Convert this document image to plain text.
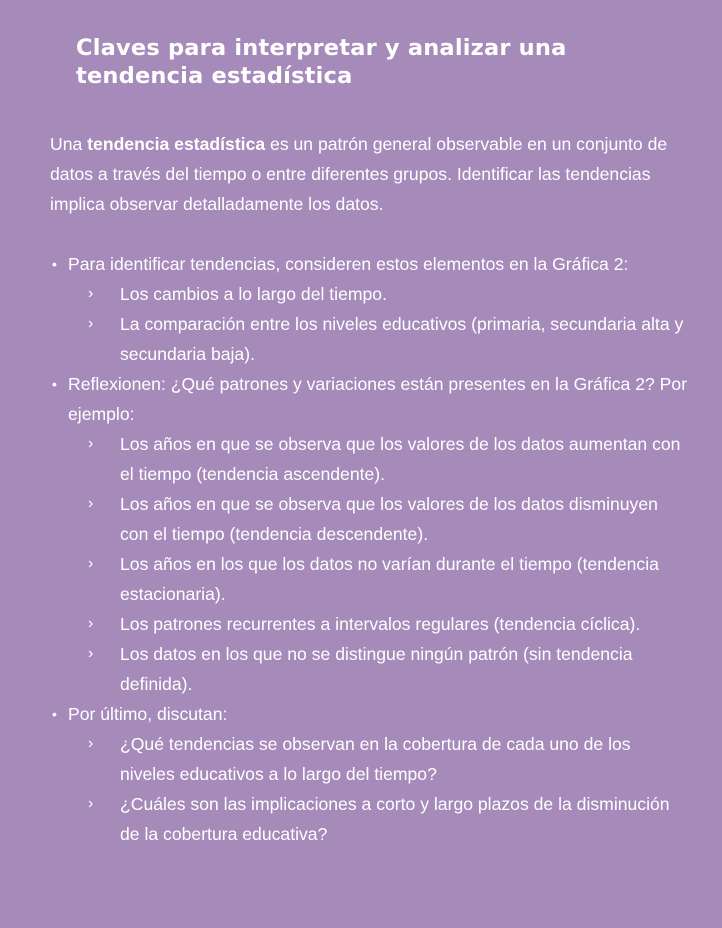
Claves para interpretar y analizar una tendencia estadística

Una tendencia estadística es un patrón general observable en un conjunto de datos a través del tiempo o entre diferentes grupos. Identificar las tendencias implica observar detalladamente los datos.

• Para identificar tendencias, consideren estos elementos en la Gráfica 2:
› Los cambios a lo largo del tiempo.
› La comparación entre los niveles educativos (primaria, secundaria alta y secundaria baja).
• Reflexionen: ¿Qué patrones y variaciones están presentes en la Gráfica 2? Por ejemplo:
› Los años en que se observa que los valores de los datos aumentan con el tiempo (tendencia ascendente).
› Los años en que se observa que los valores de los datos disminuyen con el tiempo (tendencia descendente).
› Los años en los que los datos no varían durante el tiempo (tendencia estacionaria).
› Los patrones recurrentes a intervalos regulares (tendencia cíclica).
› Los datos en los que no se distingue ningún patrón (sin tendencia definida).
• Por último, discutan:
› ¿Qué tendencias se observan en la cobertura de cada uno de los niveles educativos a lo largo del tiempo?
› ¿Cuáles son las implicaciones a corto y largo plazos de la disminución de la cobertura educativa?
